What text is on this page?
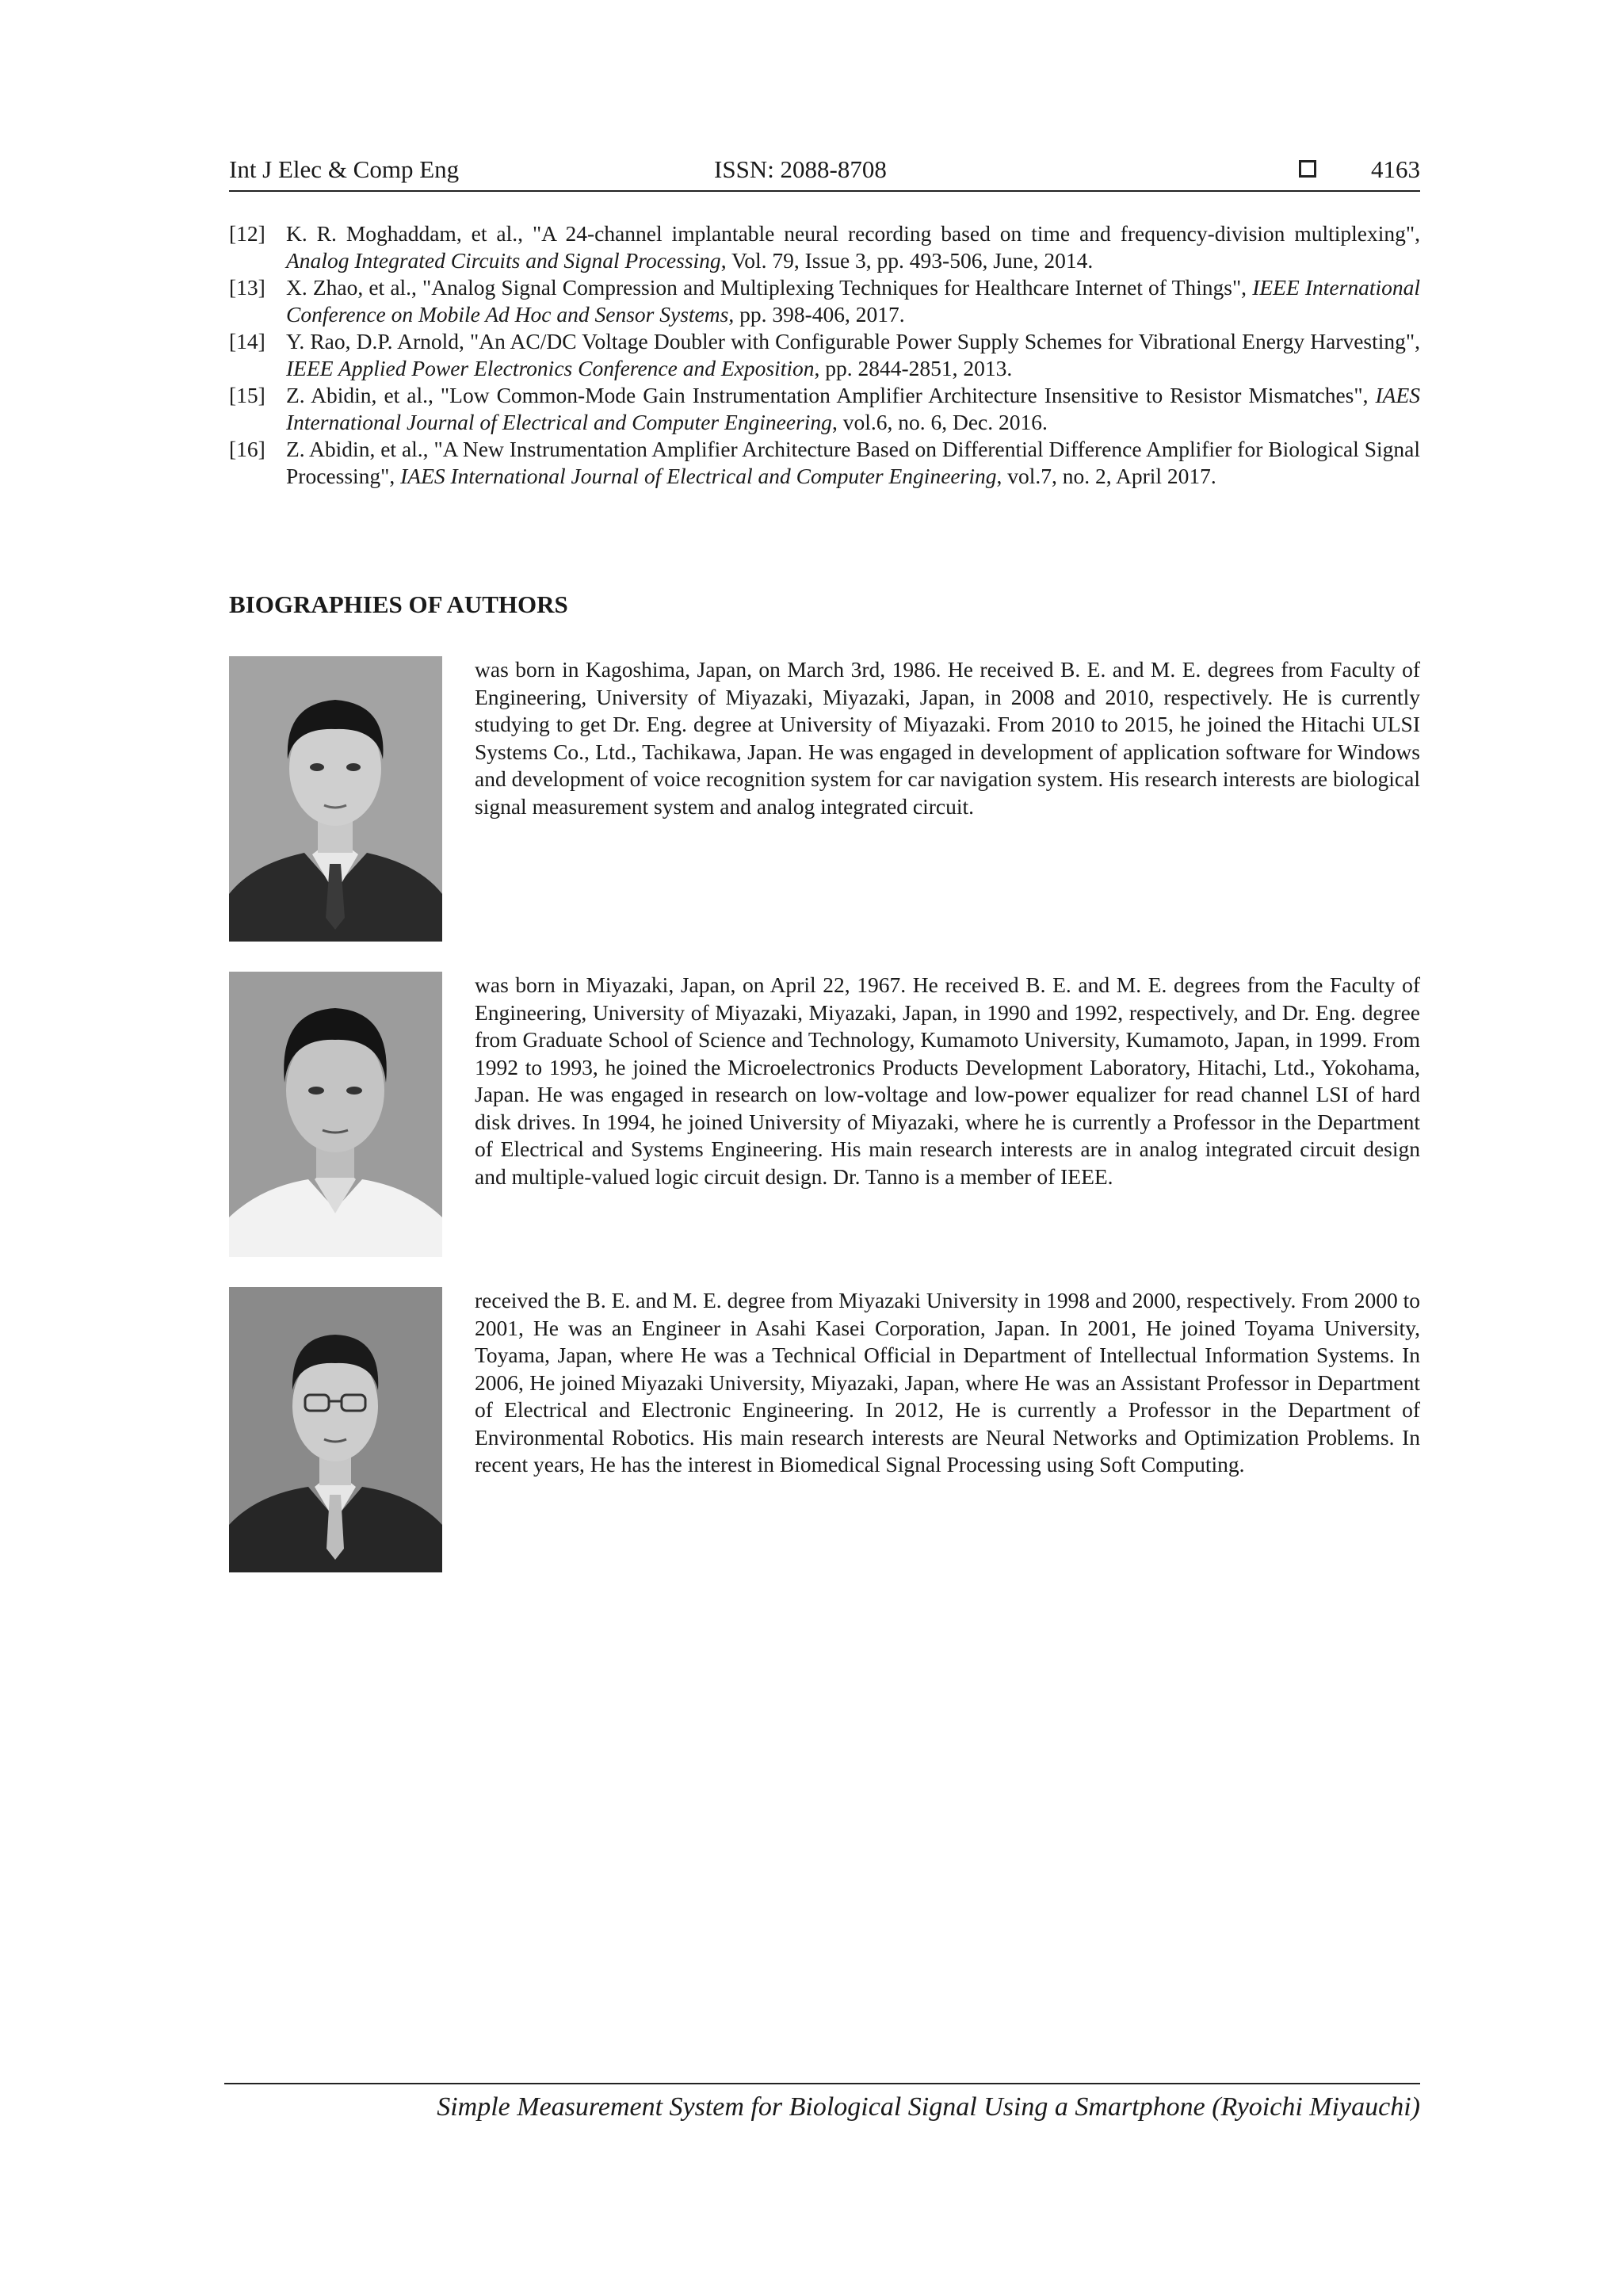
Int J Elec & Comp Eng	ISSN: 2088-8708	4163

[12] K. R. Moghaddam, et al., "A 24-channel implantable neural recording based on time and frequency-division multiplexing", Analog Integrated Circuits and Signal Processing, Vol. 79, Issue 3, pp. 493-506, June, 2014.

[13] X. Zhao, et al., "Analog Signal Compression and Multiplexing Techniques for Healthcare Internet of Things", IEEE International Conference on Mobile Ad Hoc and Sensor Systems, pp. 398-406, 2017.

[14] Y. Rao, D.P. Arnold, "An AC/DC Voltage Doubler with Configurable Power Supply Schemes for Vibrational Energy Harvesting", IEEE Applied Power Electronics Conference and Exposition, pp. 2844-2851, 2013.

[15] Z. Abidin, et al., "Low Common-Mode Gain Instrumentation Amplifier Architecture Insensitive to Resistor Mismatches", IAES International Journal of Electrical and Computer Engineering, vol.6, no. 6, Dec. 2016.

[16] Z. Abidin, et al., "A New Instrumentation Amplifier Architecture Based on Differential Difference Amplifier for Biological Signal Processing", IAES International Journal of Electrical and Computer Engineering, vol.7, no. 2, April 2017.

BIOGRAPHIES OF AUTHORS

was born in Kagoshima, Japan, on March 3rd, 1986. He received B. E. and M. E. degrees from Faculty of Engineering, University of Miyazaki, Miyazaki, Japan, in 2008 and 2010, respectively. He is currently studying to get Dr. Eng. degree at University of Miyazaki. From 2010 to 2015, he joined the Hitachi ULSI Systems Co., Ltd., Tachikawa, Japan. He was engaged in development of application software for Windows and development of voice recognition system for car navigation system. His research interests are biological signal measurement system and analog integrated circuit.

was born in Miyazaki, Japan, on April 22, 1967. He received B. E. and M. E. degrees from the Faculty of Engineering, University of Miyazaki, Miyazaki, Japan, in 1990 and 1992, respectively, and Dr. Eng. degree from Graduate School of Science and Technology, Kumamoto University, Kumamoto, Japan, in 1999. From 1992 to 1993, he joined the Microelectronics Products Development Laboratory, Hitachi, Ltd., Yokohama, Japan. He was engaged in research on low-voltage and low-power equalizer for read channel LSI of hard disk drives. In 1994, he joined University of Miyazaki, where he is currently a Professor in the Department of Electrical and Systems Engineering. His main research interests are in analog integrated circuit design and multiple-valued logic circuit design. Dr. Tanno is a member of IEEE.

received the B. E. and M. E. degree from Miyazaki University in 1998 and 2000, respectively. From 2000 to 2001, He was an Engineer in Asahi Kasei Corporation, Japan. In 2001, He joined Toyama University, Toyama, Japan, where He was a Technical Official in Department of Intellectual Information Systems. In 2006, He joined Miyazaki University, Miyazaki, Japan, where He was an Assistant Professor in Department of Electrical and Electronic Engineering. In 2012, He is currently a Professor in the Department of Environmental Robotics. His main research interests are Neural Networks and Optimization Problems. In recent years, He has the interest in Biomedical Signal Processing using Soft Computing.

Simple Measurement System for Biological Signal Using a Smartphone (Ryoichi Miyauchi)
